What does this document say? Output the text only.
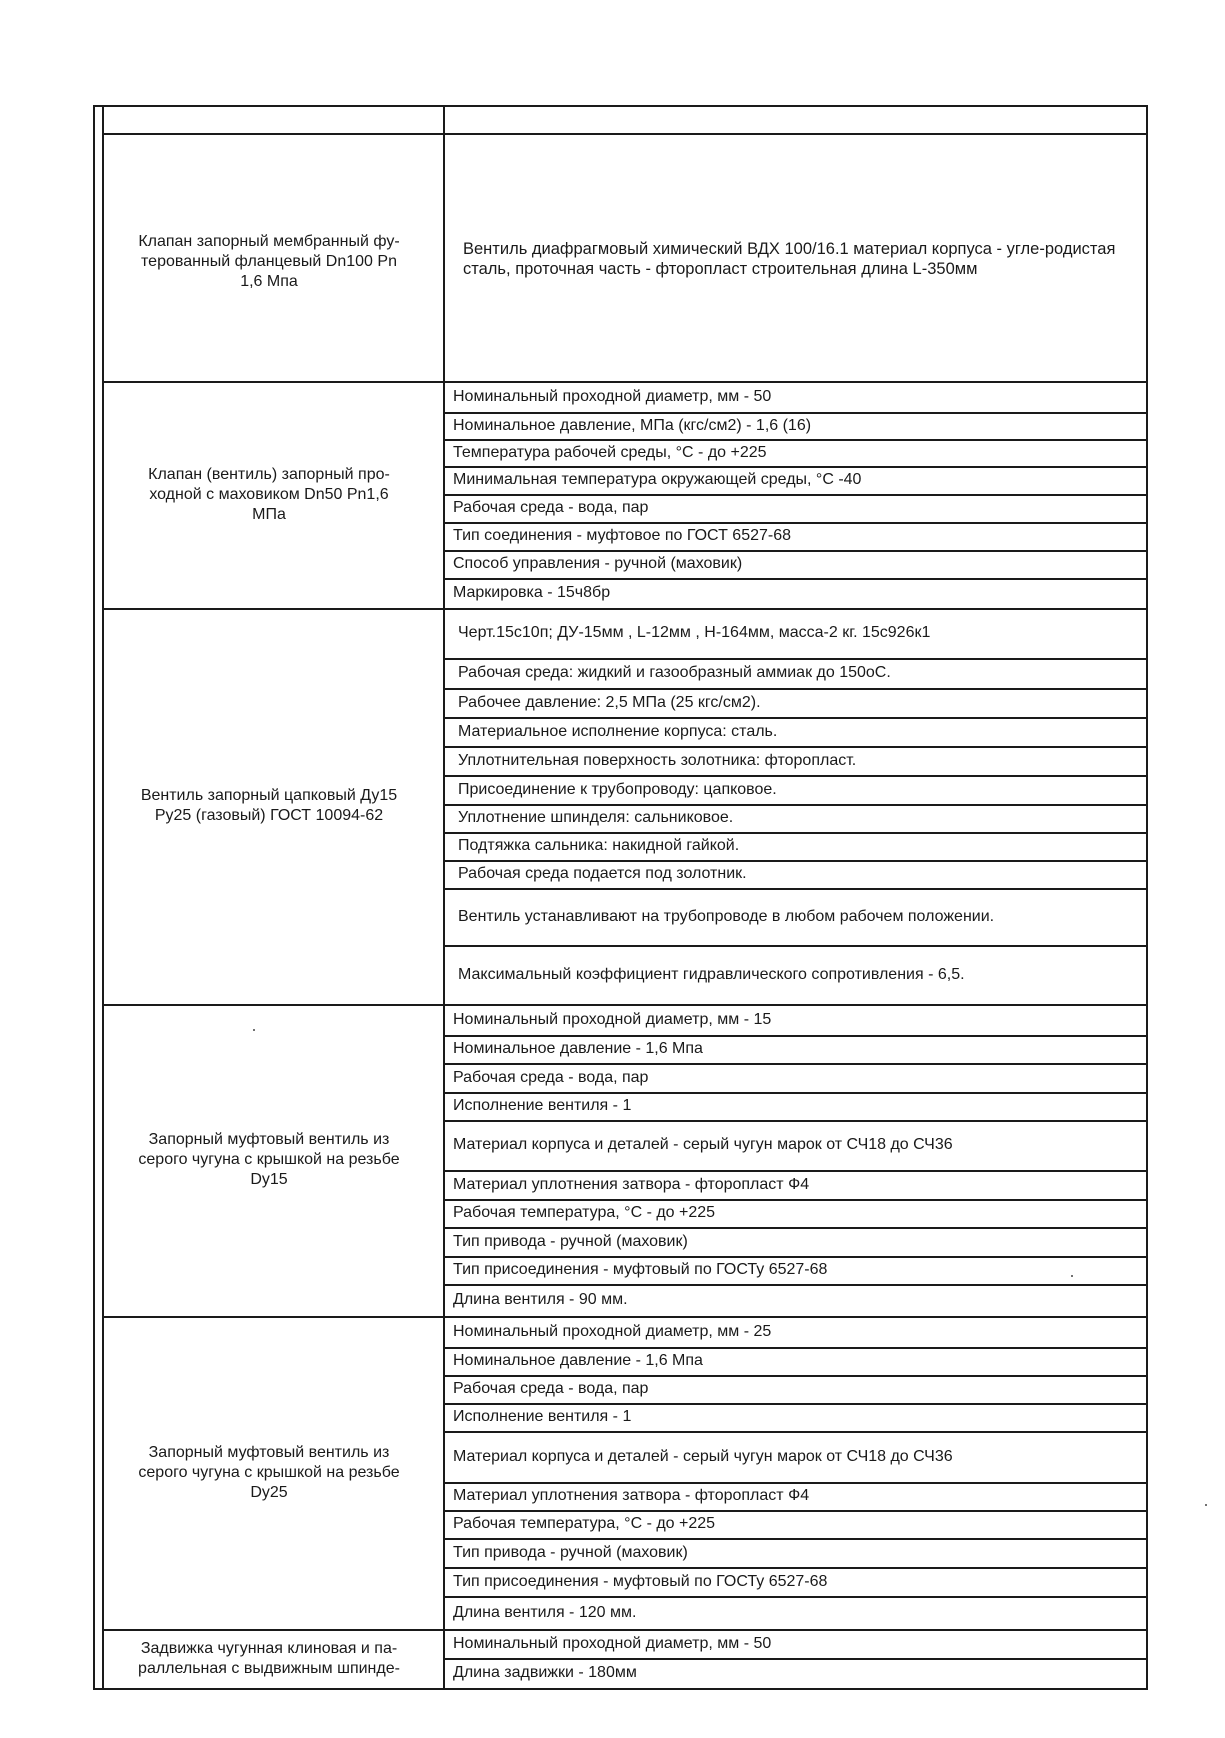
Клапан запорный мембранный фу-
терованный фланцевый Dn100 Рn
1,6 Мпа
Вентиль диафрагмовый химический ВДХ 100/16.1 материал корпуса - угле-родистая сталь, проточная часть - фторопласт строительная длина L-350мм
Клапан (вентиль) запорный про-
ходной с маховиком Dn50 Рn1,6
МПа
Номинальный проходной диаметр, мм - 50
Номинальное давление, МПа (кгс/см2) - 1,6 (16)
Температура рабочей среды, °С - до +225
Минимальная температура окружающей среды, °С -40
Рабочая среда - вода, пар
Тип соединения - муфтовое по ГОСТ 6527-68
Способ управления - ручной (маховик)
Маркировка - 15ч8бр
Вентиль запорный цапковый Ду15
Ру25 (газовый) ГОСТ 10094-62
Черт.15с10п; ДУ-15мм , L-12мм , Н-164мм, масса-2 кг. 15с926к1
Рабочая среда: жидкий и газообразный аммиак до 150оС.
Рабочее давление: 2,5 МПа (25 кгс/см2).
Материальное исполнение корпуса: сталь.
Уплотнительная поверхность золотника: фторопласт.
Присоединение к трубопроводу: цапковое.
Уплотнение шпинделя: сальниковое.
Подтяжка сальника: накидной гайкой.
Рабочая среда подается под золотник.
Вентиль устанавливают на трубопроводе в любом рабочем положении.
Максимальный коэффициент гидравлического сопротивления - 6,5.
Запорный муфтовый вентиль из
серого чугуна с крышкой на резьбе
Dy15
Номинальный проходной диаметр, мм - 15
Номинальное давление - 1,6 Мпа
Рабочая среда - вода, пар
Исполнение вентиля - 1
Материал корпуса и деталей - серый чугун марок от СЧ18 до СЧ36
Материал уплотнения затвора - фторопласт Ф4
Рабочая температура, °С - до +225
Тип привода - ручной (маховик)
Тип присоединения - муфтовый по ГОСТу 6527-68
Длина вентиля - 90 мм.
Запорный муфтовый вентиль из
серого чугуна с крышкой на резьбе
Dy25
Номинальный проходной диаметр, мм - 25
Номинальное давление - 1,6 Мпа
Рабочая среда - вода, пар
Исполнение вентиля - 1
Материал корпуса и деталей - серый чугун марок от СЧ18 до СЧ36
Материал уплотнения затвора - фторопласт Ф4
Рабочая температура, °С - до +225
Тип привода - ручной (маховик)
Тип присоединения - муфтовый по ГОСТу 6527-68
Длина вентиля - 120 мм.
Задвижка чугунная клиновая и па-
раллельная с выдвижным шпинде-
Номинальный проходной диаметр, мм - 50
Длина задвижки - 180мм
